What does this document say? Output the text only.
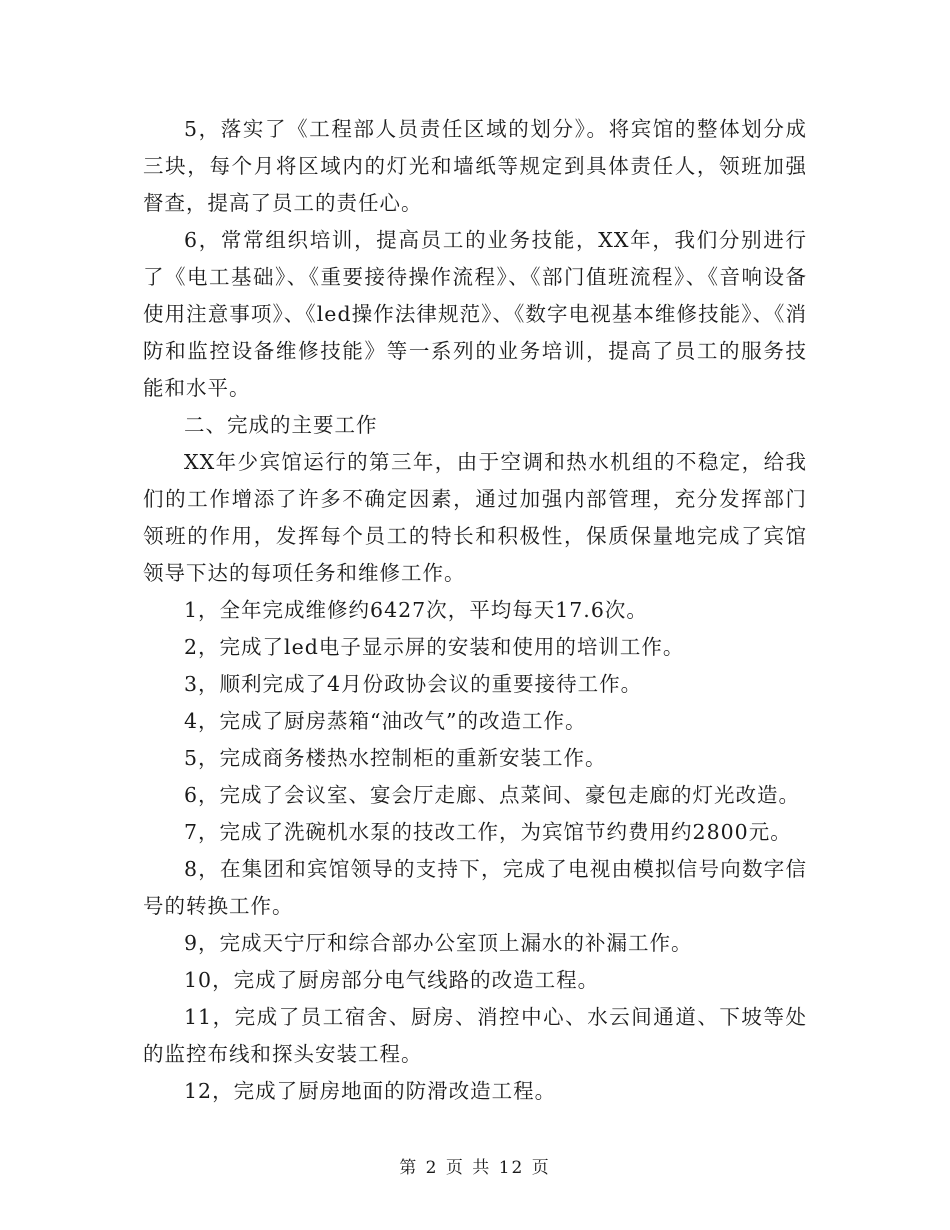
5，落实了《工程部人员责任区域的划分》。将宾馆的整体划分成三块，每个月将区域内的灯光和墙纸等规定到具体责任人，领班加强督查，提高了员工的责任心。

6，常常组织培训，提高员工的业务技能，XX年，我们分别进行了《电工基础》、《重要接待操作流程》、《部门值班流程》、《音响设备使用注意事项》、《led操作法律规范》、《数字电视基本维修技能》、《消防和监控设备维修技能》等一系列的业务培训，提高了员工的服务技能和水平。

二、完成的主要工作

XX年少宾馆运行的第三年，由于空调和热水机组的不稳定，给我们的工作增添了许多不确定因素，通过加强内部管理，充分发挥部门领班的作用，发挥每个员工的特长和积极性，保质保量地完成了宾馆领导下达的每项任务和维修工作。

1，全年完成维修约6427次，平均每天17.6次。

2，完成了led电子显示屏的安装和使用的培训工作。

3，顺利完成了4月份政协会议的重要接待工作。

4，完成了厨房蒸箱“油改气”的改造工作。

5，完成商务楼热水控制柜的重新安装工作。

6，完成了会议室、宴会厅走廊、点菜间、豪包走廊的灯光改造。

7，完成了洗碗机水泵的技改工作，为宾馆节约费用约2800元。

8，在集团和宾馆领导的支持下，完成了电视由模拟信号向数字信号的转换工作。

9，完成天宁厅和综合部办公室顶上漏水的补漏工作。

10，完成了厨房部分电气线路的改造工程。

11，完成了员工宿舍、厨房、消控中心、水云间通道、下坡等处的监控布线和探头安装工程。

12，完成了厨房地面的防滑改造工程。

第 2 页 共 12 页
